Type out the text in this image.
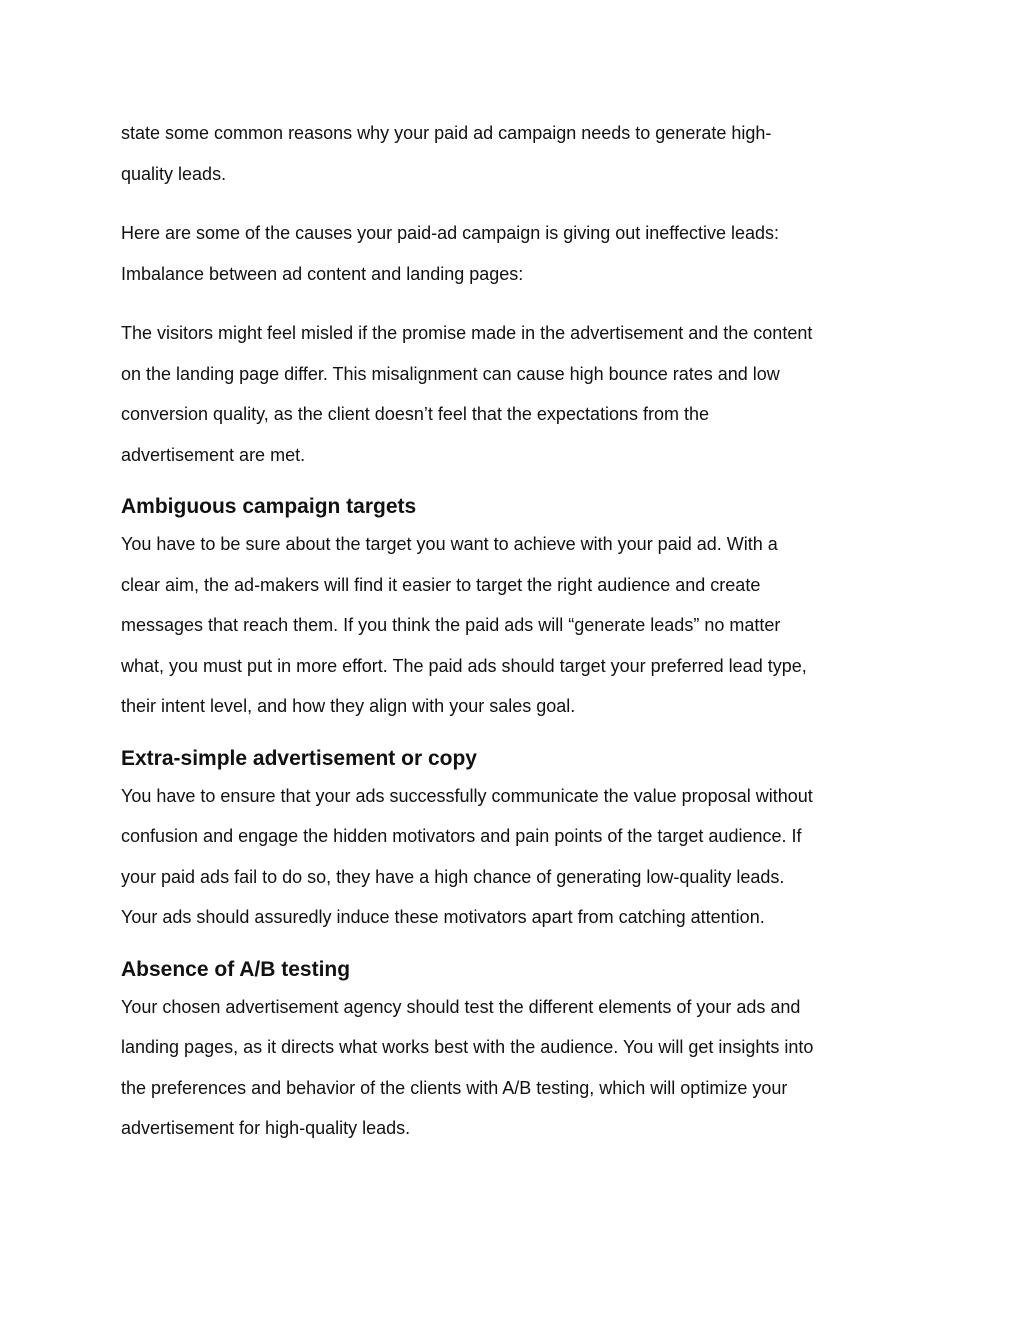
state some common reasons why your paid ad campaign needs to generate high-
quality leads.
Here are some of the causes your paid-ad campaign is giving out ineffective leads:
Imbalance between ad content and landing pages:
The visitors might feel misled if the promise made in the advertisement and the content
on the landing page differ. This misalignment can cause high bounce rates and low
conversion quality, as the client doesn’t feel that the expectations from the
advertisement are met.
Ambiguous campaign targets
You have to be sure about the target you want to achieve with your paid ad. With a
clear aim, the ad-makers will find it easier to target the right audience and create
messages that reach them. If you think the paid ads will “generate leads” no matter
what, you must put in more effort. The paid ads should target your preferred lead type,
their intent level, and how they align with your sales goal.
Extra-simple advertisement or copy
You have to ensure that your ads successfully communicate the value proposal without
confusion and engage the hidden motivators and pain points of the target audience. If
your paid ads fail to do so, they have a high chance of generating low-quality leads.
Your ads should assuredly induce these motivators apart from catching attention.
Absence of A/B testing
Your chosen advertisement agency should test the different elements of your ads and
landing pages, as it directs what works best with the audience. You will get insights into
the preferences and behavior of the clients with A/B testing, which will optimize your
advertisement for high-quality leads.
